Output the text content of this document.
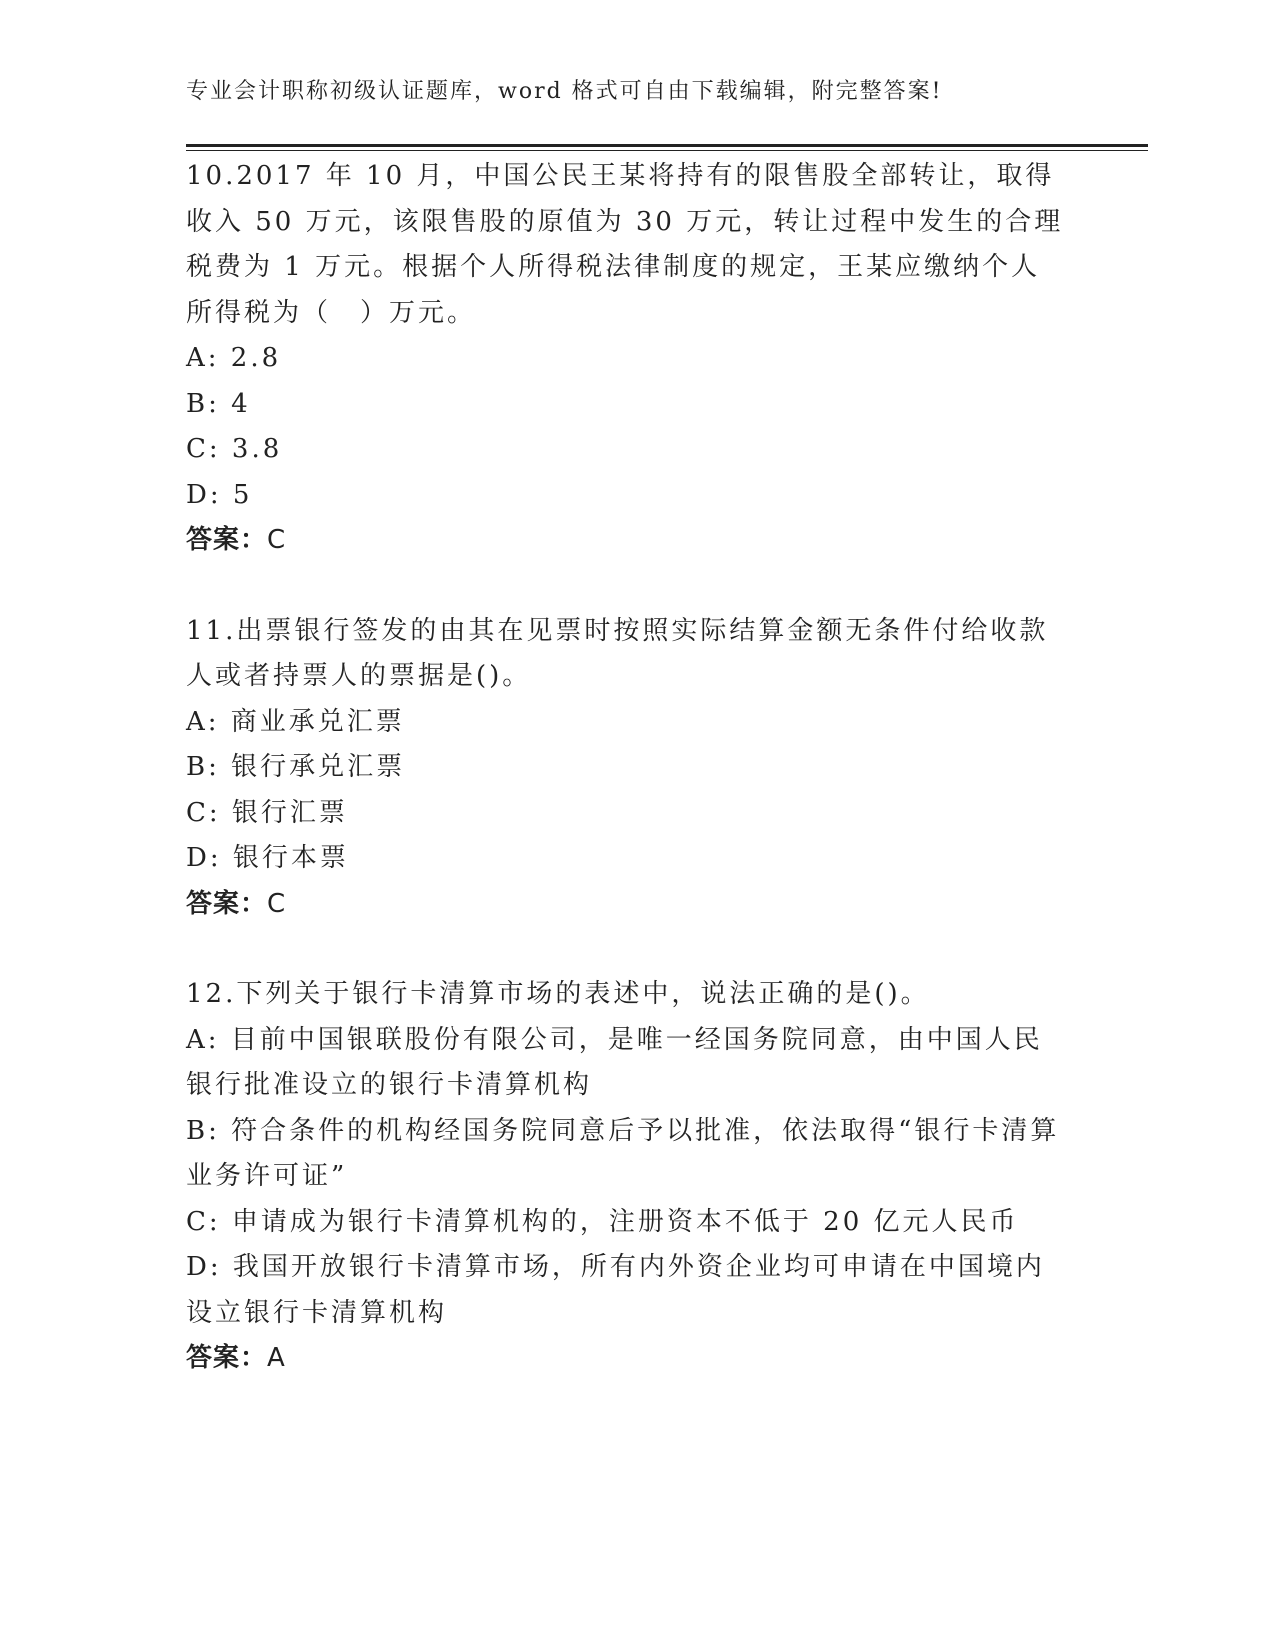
专业会计职称初级认证题库，word 格式可自由下载编辑，附完整答案!

10.2017 年 10 月，中国公民王某将持有的限售股全部转让，取得收入 50 万元，该限售股的原值为 30 万元，转让过程中发生的合理税费为 1 万元。根据个人所得税法律制度的规定，王某应缴纳个人所得税为（　）万元。

A: 2.8

B: 4

C: 3.8

D: 5

答案：C

11.出票银行签发的由其在见票时按照实际结算金额无条件付给收款人或者持票人的票据是()。

A: 商业承兑汇票

B: 银行承兑汇票

C: 银行汇票

D: 银行本票

答案：C

12.下列关于银行卡清算市场的表述中，说法正确的是()。

A: 目前中国银联股份有限公司，是唯一经国务院同意，由中国人民银行批准设立的银行卡清算机构

B: 符合条件的机构经国务院同意后予以批准，依法取得“银行卡清算业务许可证”

C: 申请成为银行卡清算机构的，注册资本不低于 20 亿元人民币

D: 我国开放银行卡清算市场，所有内外资企业均可申请在中国境内设立银行卡清算机构

答案：A
